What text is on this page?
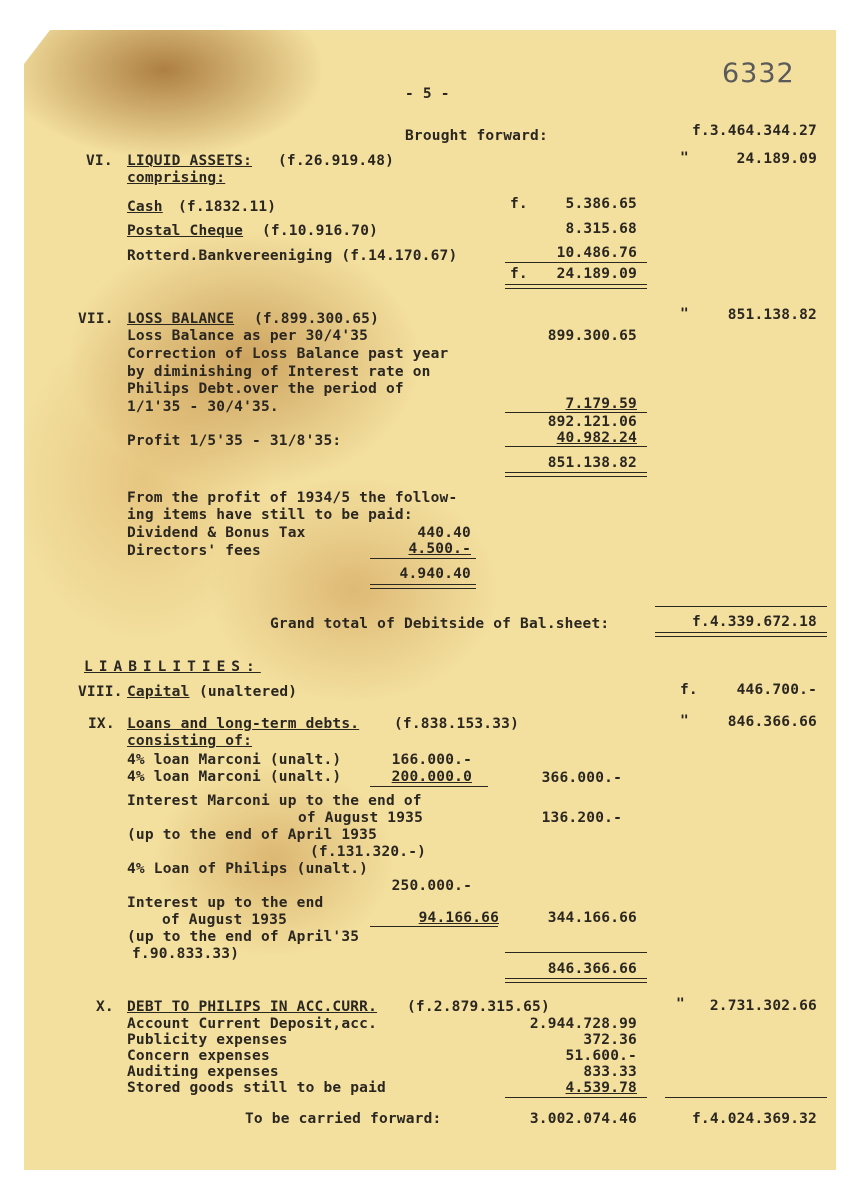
6332
- 5 -
Brought forward:	f.3.464.344.27
VI. LIQUID ASSETS: (f.26.919.48)	"	24.189.09
comprising:
Cash (f.1832.11)	f.	5.386.65
Postal Cheque (f.10.916.70)	8.315.68
Rotterd.Bankvereeniging (f.14.170.67)	10.486.76
f. 24.189.09
VII. LOSS BALANCE (f.899.300.65)	"	851.138.82
Loss Balance as per 30/4'35	899.300.65
Correction of Loss Balance past year
by diminishing of Interest rate on
Philips Debt.over the period of
1/1'35 - 30/4'35.	7.179.59
892.121.06
Profit 1/5'35 - 31/8'35:	40.982.24
851.138.82
From the profit of 1934/5 the follow-
ing items have still to be paid:
Dividend & Bonus Tax	440.40
Directors' fees	4.500.-
4.940.40
Grand total of Debitside of Bal.sheet:	f.4.339.672.18
LIABILITIES:
VIII. Capital (unaltered)	f.	446.700.-
IX. Loans and long-term debts. (f.838.153.33)	"	846.366.66
consisting of:
4% loan Marconi (unalt.)	166.000.-
4% loan Marconi (unalt.)	200.000.0	366.000.-
Interest Marconi up to the end of
of August 1935	136.200.-
(up to the end of April 1935
(f.131.320.-)
4% Loan of Philips (unalt.)
250.000.-
Interest up to the end
of August 1935	94.166.66	344.166.66
(up to the end of April'35
f.90.833.33)
846.366.66
X. DEBT TO PHILIPS IN ACC.CURR. (f.2.879.315.65)	" 2.731.302.66
Account Current Deposit,acc.	2.944.728.99
Publicity expenses	372.36
Concern expenses	51.600.-
Auditing expenses	833.33
Stored goods still to be paid	4.539.78
To be carried forward:	3.002.074.46	f.4.024.369.32
